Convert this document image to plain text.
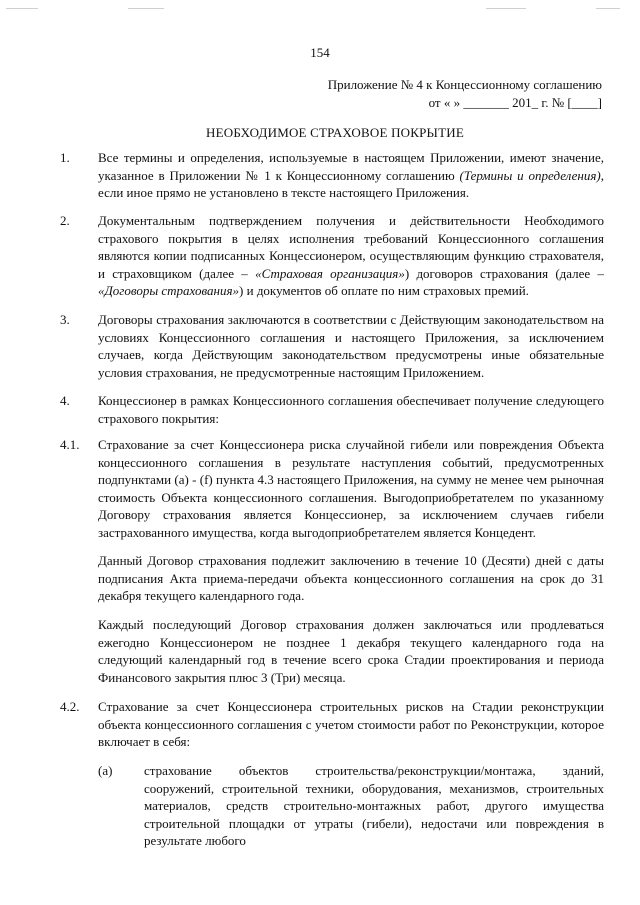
154
Приложение № 4 к Концессионному соглашению
от « » _______ 201_ г. № [____]
НЕОБХОДИМОЕ СТРАХОВОЕ ПОКРЫТИЕ
1. Все термины и определения, используемые в настоящем Приложении, имеют значение, указанное в Приложении № 1 к Концессионному соглашению (Термины и определения), если иное прямо не установлено в тексте настоящего Приложения.
2. Документальным подтверждением получения и действительности Необходимого страхового покрытия в целях исполнения требований Концессионного соглашения являются копии подписанных Концессионером, осуществляющим функцию страхователя, и страховщиком (далее – «Страховая организация») договоров страхования (далее – «Договоры страхования») и документов об оплате по ним страховых премий.
3. Договоры страхования заключаются в соответствии с Действующим законодательством на условиях Концессионного соглашения и настоящего Приложения, за исключением случаев, когда Действующим законодательством предусмотрены иные обязательные условия страхования, не предусмотренные настоящим Приложением.
4. Концессионер в рамках Концессионного соглашения обеспечивает получение следующего страхового покрытия:
4.1. Страхование за счет Концессионера риска случайной гибели или повреждения Объекта концессионного соглашения в результате наступления событий, предусмотренных подпунктами (a) - (f) пункта 4.3 настоящего Приложения, на сумму не менее чем рыночная стоимость Объекта концессионного соглашения. Выгодоприобретателем по указанному Договору страхования является Концессионер, за исключением случаев гибели застрахованного имущества, когда выгодоприобретателем является Концедент.
Данный Договор страхования подлежит заключению в течение 10 (Десяти) дней с даты подписания Акта приема-передачи объекта концессионного соглашения на срок до 31 декабря текущего календарного года.
Каждый последующий Договор страхования должен заключаться или продлеваться ежегодно Концессионером не позднее 1 декабря текущего календарного года на следующий календарный год в течение всего срока Стадии проектирования и периода Финансового закрытия плюс 3 (Три) месяца.
4.2. Страхование за счет Концессионера строительных рисков на Стадии реконструкции объекта концессионного соглашения с учетом стоимости работ по Реконструкции, которое включает в себя:
(a) страхование объектов строительства/реконструкции/монтажа, зданий, сооружений, строительной техники, оборудования, механизмов, строительных материалов, средств строительно-монтажных работ, другого имущества строительной площадки от утраты (гибели), недостачи или повреждения в результате любого
